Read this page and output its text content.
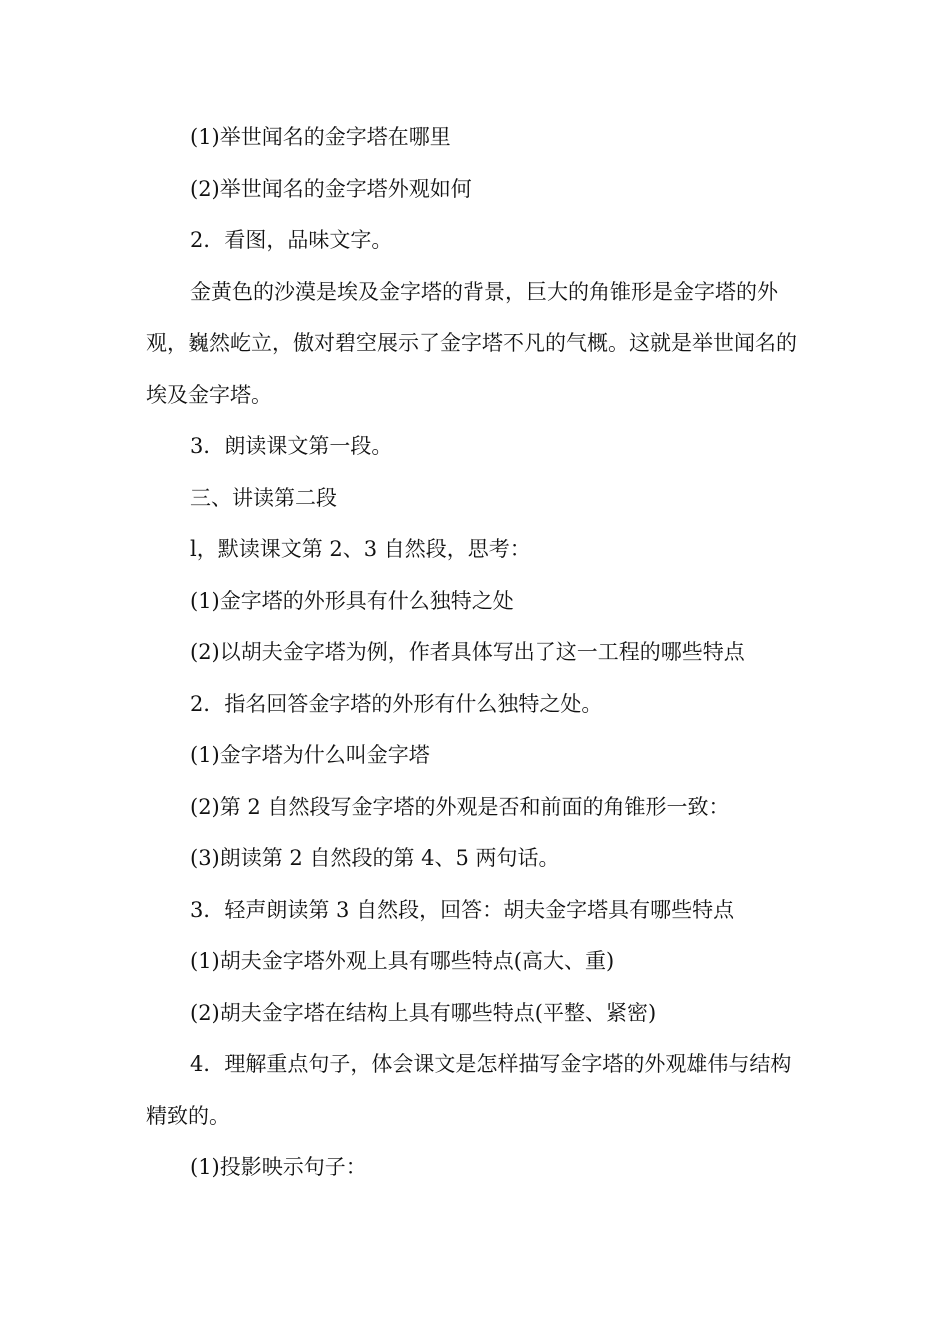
(1)举世闻名的金字塔在哪里

(2)举世闻名的金字塔外观如何

2．看图，品味文字。

金黄色的沙漠是埃及金字塔的背景，巨大的角锥形是金字塔的外观，巍然屹立，傲对碧空展示了金字塔不凡的气概。这就是举世闻名的埃及金字塔。

3．朗读课文第一段。

三、讲读第二段

l，默读课文第 2、3 自然段，思考：

(1)金字塔的外形具有什么独特之处

(2)以胡夫金字塔为例，作者具体写出了这一工程的哪些特点

2．指名回答金字塔的外形有什么独特之处。

(1)金字塔为什么叫金字塔

(2)第 2 自然段写金字塔的外观是否和前面的角锥形一致：

(3)朗读第 2 自然段的第 4、5 两句话。

3．轻声朗读第 3 自然段，回答：胡夫金字塔具有哪些特点

(1)胡夫金字塔外观上具有哪些特点(高大、重)

(2)胡夫金字塔在结构上具有哪些特点(平整、紧密)

4．理解重点句子，体会课文是怎样描写金字塔的外观雄伟与结构精致的。

(1)投影映示句子：
